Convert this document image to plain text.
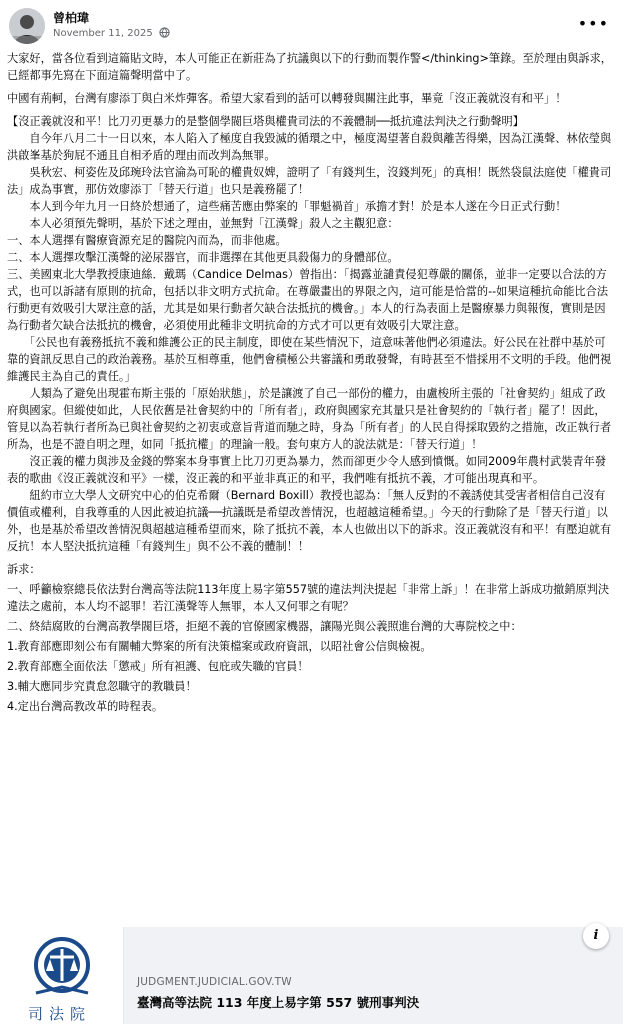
曾柏瑋
November 11, 2025
•••

大家好，當各位看到這篇貼文時，本人可能正在新莊為了抗議與以下的行動而製作警</thinking>筆錄。至於理由與訴求，已經都事先寫在下面這篇聲明當中了。

中國有荊軻，台灣有廖添丁與白米炸彈客。希望大家看到的話可以轉發與關注此事，畢竟「沒正義就沒有和平」！

【沒正義就沒和平！比刀刃更暴力的是整個學閥巨塔與權貴司法的不義體制──抵抗違法判決之行動聲明】

　　自今年八月二十一日以來，本人陷入了極度自我毀滅的循環之中，極度渴望著自殺與離苦得樂，因為江漢聲、林依瑩與洪啟峯基於狗屁不通且自相矛盾的理由而改判為無罪。

　　吳秋宏、柯姿佐及邱琬玲法官淪為可恥的權貴奴婢，證明了「有錢判生，沒錢判死」的真相！既然袋鼠法庭使「權貴司法」成為事實，那仿效廖添丁「替天行道」也只是義務罷了！

　　本人到今年九月一日終於想通了，這些痛苦應由弊案的「罪魁禍首」承擔才對！於是本人遂在今日正式行動！

　　本人必須預先聲明，基於下述之理由，並無對「江漢聲」殺人之主觀犯意：

一、本人選擇有醫療資源充足的醫院內而為，而非他處。

二、本人選擇攻擊江漢聲的泌尿器官，而非選擇在其他更具殺傷力的身體部位。

三、美國東北大學教授康迪絲．戴瑪（Candice Delmas）曾指出：「揭露並譴責侵犯尊嚴的關係，並非一定要以合法的方式，也可以訴諸有原則的抗命，包括以非文明方式抗命。在尊嚴畫出的界限之內，這可能是恰當的--如果這種抗命能比合法行動更有效吸引大眾注意的話，尤其是如果行動者欠缺合法抵抗的機會。」本人的行為表面上是醫療暴力與報復，實則是因為行動者欠缺合法抵抗的機會，必須使用此種非文明抗命的方式才可以更有效吸引大眾注意。

　　「公民也有義務抵抗不義和維護公正的民主制度，即使在某些情況下，這意味著他們必須違法。好公民在社群中基於可靠的資訊反思自己的政治義務。基於互相尊重，他們會積極公共審議和勇敢發聲，有時甚至不惜採用不文明的手段。他們視維護民主為自己的責任。」

　　人類為了避免出現霍布斯主張的「原始狀態」，於是讓渡了自己一部份的權力，由盧梭所主張的「社會契約」組成了政府與國家。但縱使如此，人民依舊是社會契約中的「所有者」，政府與國家充其量只是社會契約的「執行者」罷了！因此，管見以為若執行者所為已與社會契約之初衷或意旨背道而馳之時，身為「所有者」的人民自得採取毀約之措施，改正執行者所為，也是不證自明之理，如同「抵抗權」的理論一般。套句東方人的說法就是：「替天行道」！

　　沒正義的權力與涉及金錢的弊案本身事實上比刀刃更為暴力，然而卻更少令人感到憤慨。如同2009年農村武裝青年發表的歌曲《沒正義就沒和平》一樣，沒正義的和平並非真正的和平，我們唯有抵抗不義，才可能出現真和平。

　　紐約市立大學人文研究中心的伯克希爾（Bernard Boxill）教授也認為：「無人反對的不義誘使其受害者相信自己沒有價值或權利，自我尊重的人因此被迫抗議──抗議既是希望改善情況，也超越這種希望。」今天的行動除了是「替天行道」以外，也是基於希望改善情況與超越這種希望而來，除了抵抗不義，本人也做出以下的訴求。沒正義就沒有和平！有壓迫就有反抗！本人堅決抵抗這種「有錢判生」與不公不義的體制！！

訴求：

一、呼籲檢察總長依法對台灣高等法院113年度上易字第557號的違法判決提起「非常上訴」！在非常上訴成功撤銷原判決違法之處前，本人均不認罪！若江漢聲等人無罪，本人又何罪之有呢？

二、終結腐敗的台灣高教學閥巨塔，拒絕不義的官僚國家機器，讓陽光與公義照進台灣的大專院校之中：

1.教育部應即刻公布有關輔大弊案的所有決策檔案或政府資訊，以昭社會公信與檢視。

2.教育部應全面依法「懲戒」所有袒護、包庇或失職的官員！

3.輔大應同步究責怠忽職守的教職員！

4.定出台灣高教改革的時程表。

司法院
JUDGMENT.JUDICIAL.GOV.TW
臺灣高等法院 113 年度上易字第 557 號刑事判決
i
